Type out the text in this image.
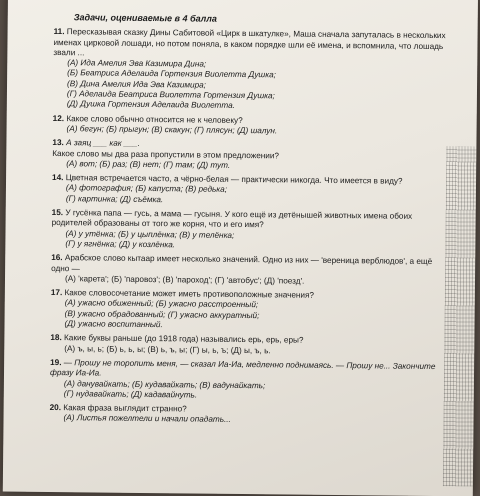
Задачи, оцениваемые в 4 балла
11. Пересказывая сказку Дины Сабитовой «Цирк в шкатулке», Маша сначала запуталась в нескольких именах цирковой лошади, но потом поняла, в каком порядке шли её имена, и вспомнила, что лошадь звали ...
(А) Ида Амелия Эва Казимира Дина;
(Б) Беатриса Аделаида Гортензия Виолетта Душка;
(В) Дина Амелия Ида Эва Казимира;
(Г) Аделаида Беатриса Виолетта Гортензия Душка;
(Д) Душка Гортензия Аделаида Виолетта.
12. Какое слово обычно относится не к человеку?
(А) бегун; (Б) прыгун; (В) скакун; (Г) плясун; (Д) шалун.
13. А заяц ___ как ___.
Какое слово мы два раза пропустили в этом предложении?
(А) вот; (Б) раз; (В) нет; (Г) там; (Д) тут.
14. Цветная встречается часто, а чёрно-белая — практически никогда. Что имеется в виду?
(А) фотография; (Б) капуста; (В) редька;
(Г) картинка; (Д) съёмка.
15. У гусёнка папа — гусь, а мама — гусыня. У кого ещё из детёнышей животных имена обоих родителей образованы от того же корня, что и его имя?
(А) у утёнка; (Б) у цыплёнка; (В) у телёнка;
(Г) у ягнёнка; (Д) у козлёнка.
16. Арабское слово кытаар имеет несколько значений. Одно из них — 'вереница верблюдов', а ещё одно —
(А) 'карета'; (Б) 'паровоз'; (В) 'пароход'; (Г) 'автобус'; (Д) 'поезд'.
17. Какое словосочетание может иметь противоположные значения?
(А) ужасно обиженный; (Б) ужасно расстроенный;
(В) ужасно обрадованный; (Г) ужасно аккуратный;
(Д) ужасно воспитанный.
18. Какие буквы раньше (до 1918 года) назывались ерь, ерь, еры?
(А) ъ, ы, ь; (Б) ь, ь, ы; (В) ь, ъ, ы; (Г) ы, ь, ъ; (Д) ы, ъ, ь.
19. — Прошу не торопить меня, — сказал Иа-Иа, медленно поднимаясь. — Прошу не... Закончите фразу Иа-Иа.
(А) данувайкать; (Б) кудавайкать; (В) вадунайкать;
(Г) нудавайкать; (Д) кадавайнуть.
20. Какая фраза выглядит странно?
(А) Листья пожелтели и начали опадать...
